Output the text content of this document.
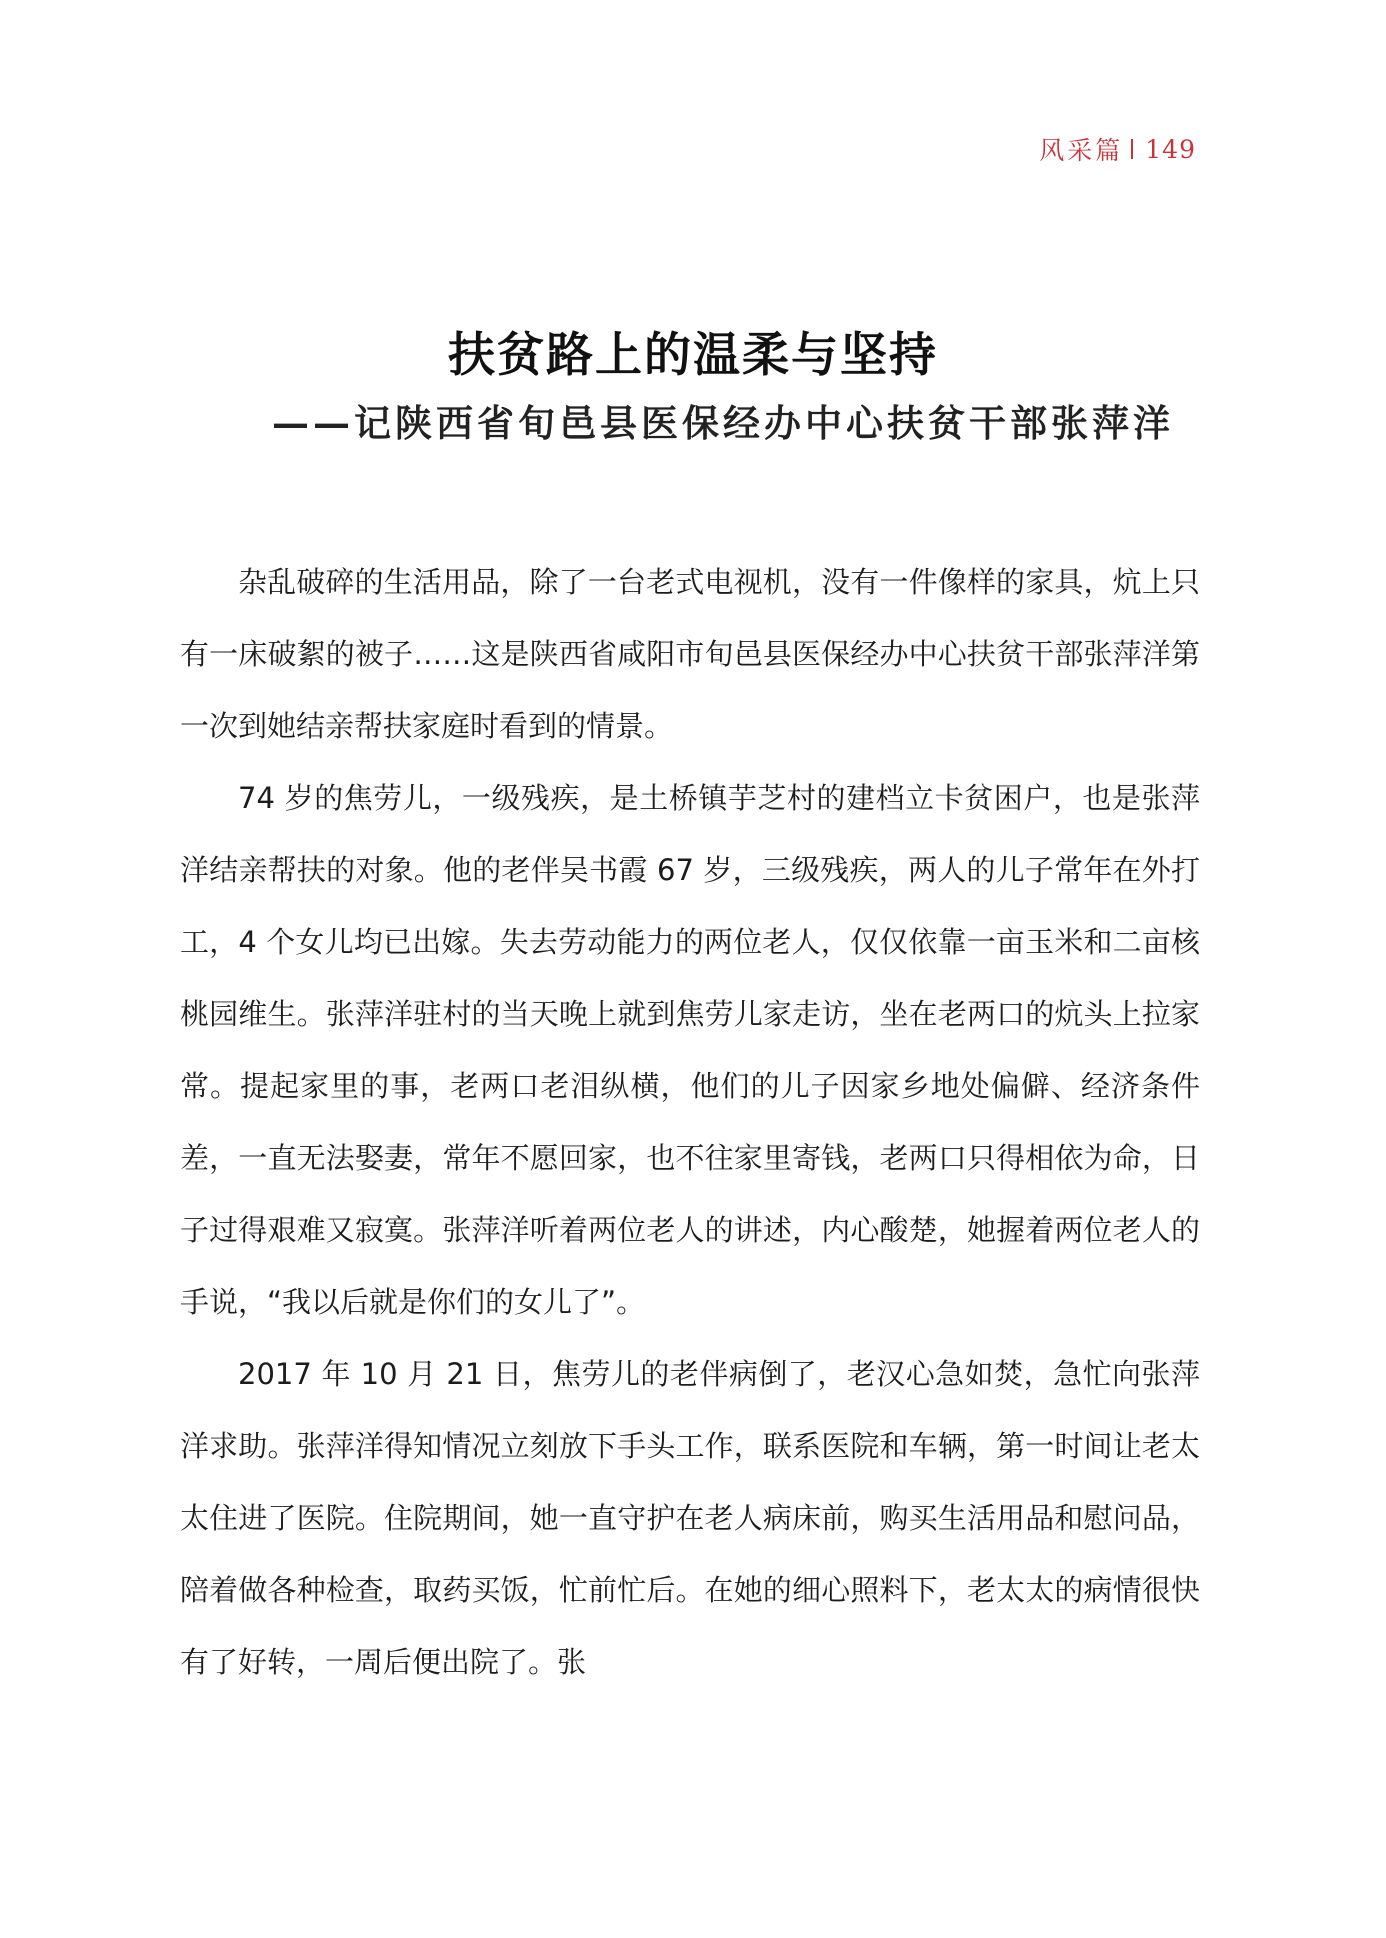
风采篇 149
扶贫路上的温柔与坚持
——记陕西省旬邑县医保经办中心扶贫干部张萍洋

杂乱破碎的生活用品，除了一台老式电视机，没有一件像样的家具，炕上只有一床破絮的被子……这是陕西省咸阳市旬邑县医保经办中心扶贫干部张萍洋第一次到她结亲帮扶家庭时看到的情景。

74 岁的焦劳儿，一级残疾，是土桥镇芋芝村的建档立卡贫困户，也是张萍洋结亲帮扶的对象。他的老伴吴书霞 67 岁，三级残疾，两人的儿子常年在外打工，4 个女儿均已出嫁。失去劳动能力的两位老人，仅仅依靠一亩玉米和二亩核桃园维生。张萍洋驻村的当天晚上就到焦劳儿家走访，坐在老两口的炕头上拉家常。提起家里的事，老两口老泪纵横，他们的儿子因家乡地处偏僻、经济条件差，一直无法娶妻，常年不愿回家，也不往家里寄钱，老两口只得相依为命，日子过得艰难又寂寞。张萍洋听着两位老人的讲述，内心酸楚，她握着两位老人的手说，“我以后就是你们的女儿了”。

2017 年 10 月 21 日，焦劳儿的老伴病倒了，老汉心急如焚，急忙向张萍洋求助。张萍洋得知情况立刻放下手头工作，联系医院和车辆，第一时间让老太太住进了医院。住院期间，她一直守护在老人病床前，购买生活用品和慰问品，陪着做各种检查，取药买饭，忙前忙后。在她的细心照料下，老太太的病情很快有了好转，一周后便出院了。张
